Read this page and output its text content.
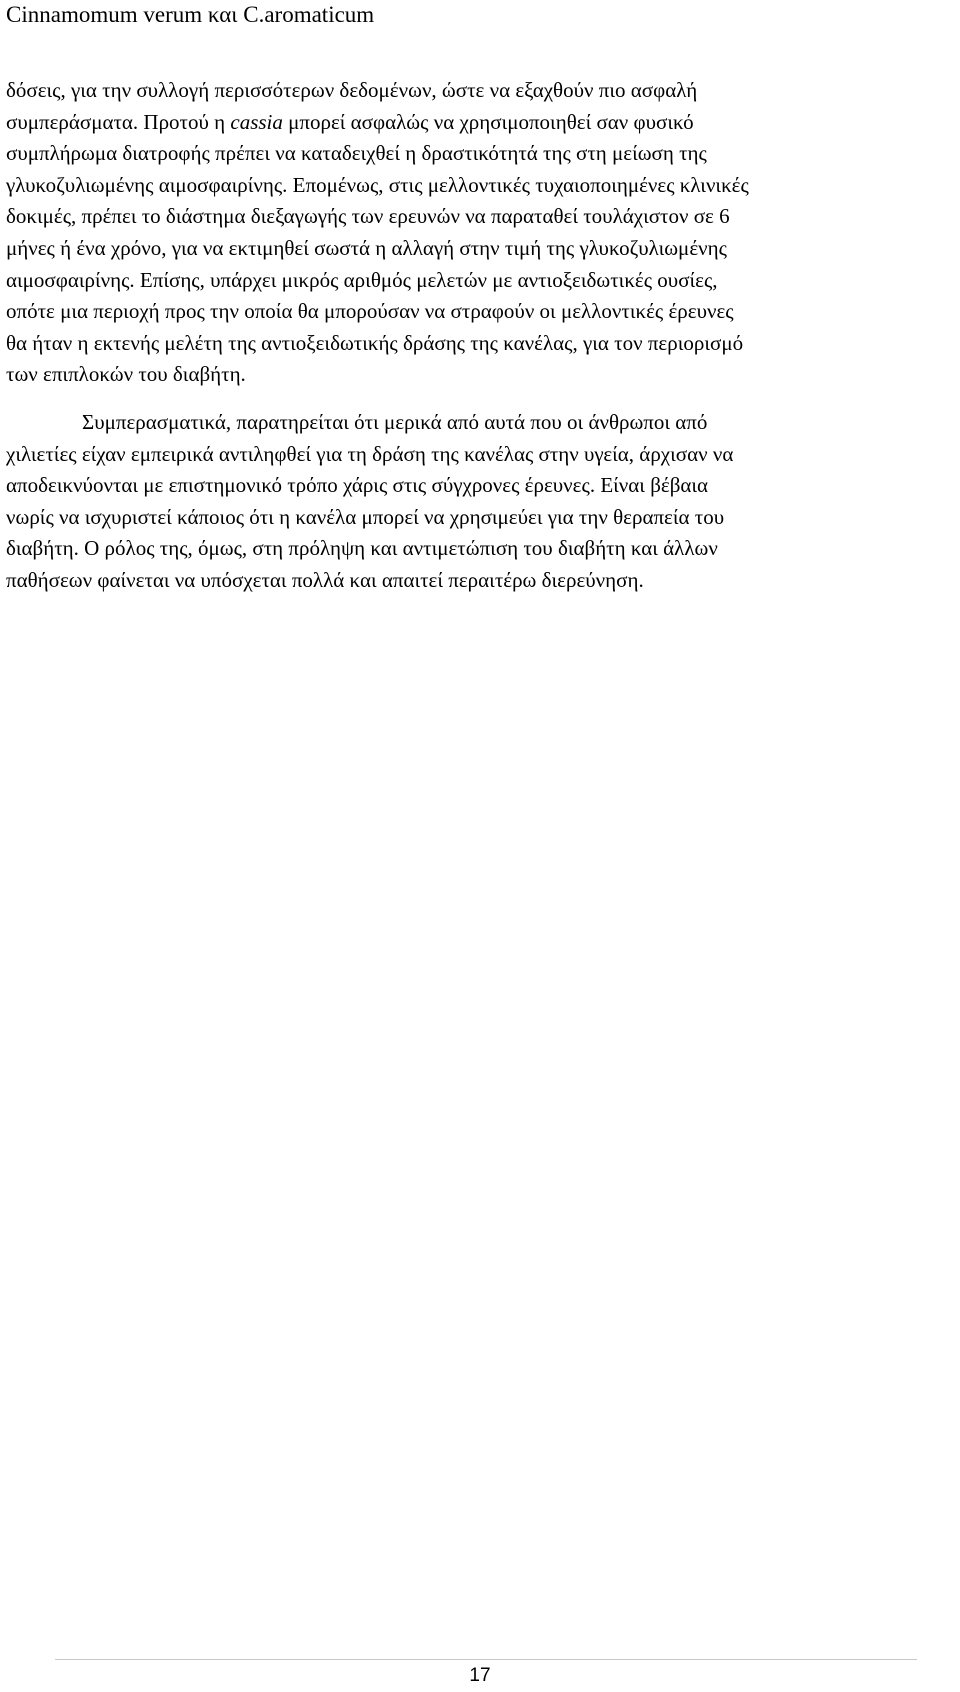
Cinnamomum verum και C.aromaticum
δόσεις, για την συλλογή περισσότερων δεδομένων, ώστε να εξαχθούν πιο ασφαλή
συμπεράσματα. Προτού η cassia μπορεί ασφαλώς να χρησιμοποιηθεί σαν φυσικό
συμπλήρωμα διατροφής πρέπει να καταδειχθεί η δραστικότητά της στη μείωση της
γλυκοζυλιωμένης αιμοσφαιρίνης. Επομένως, στις μελλοντικές τυχαιοποιημένες κλινικές
δοκιμές, πρέπει το διάστημα διεξαγωγής των ερευνών να παραταθεί τουλάχιστον σε 6
μήνες ή ένα χρόνο, για να εκτιμηθεί σωστά η αλλαγή στην τιμή της γλυκοζυλιωμένης
αιμοσφαιρίνης. Επίσης, υπάρχει μικρός αριθμός μελετών με αντιοξειδωτικές ουσίες,
οπότε μια περιοχή προς την οποία θα μπορούσαν να στραφούν οι μελλοντικές έρευνες
θα ήταν η εκτενής μελέτη της αντιοξειδωτικής δράσης της κανέλας, για τον περιορισμό
των επιπλοκών του διαβήτη.
Συμπερασματικά, παρατηρείται ότι μερικά από αυτά που οι άνθρωποι από
χιλιετίες είχαν εμπειρικά αντιληφθεί για τη δράση της κανέλας στην υγεία, άρχισαν να
αποδεικνύονται με επιστημονικό τρόπο χάρις στις σύγχρονες έρευνες. Είναι βέβαια
νωρίς να ισχυριστεί κάποιος ότι η κανέλα μπορεί να χρησιμεύει για την θεραπεία του
διαβήτη. Ο ρόλος της, όμως, στη πρόληψη και αντιμετώπιση του διαβήτη και άλλων
παθήσεων φαίνεται να υπόσχεται πολλά και απαιτεί περαιτέρω διερεύνηση.
17
